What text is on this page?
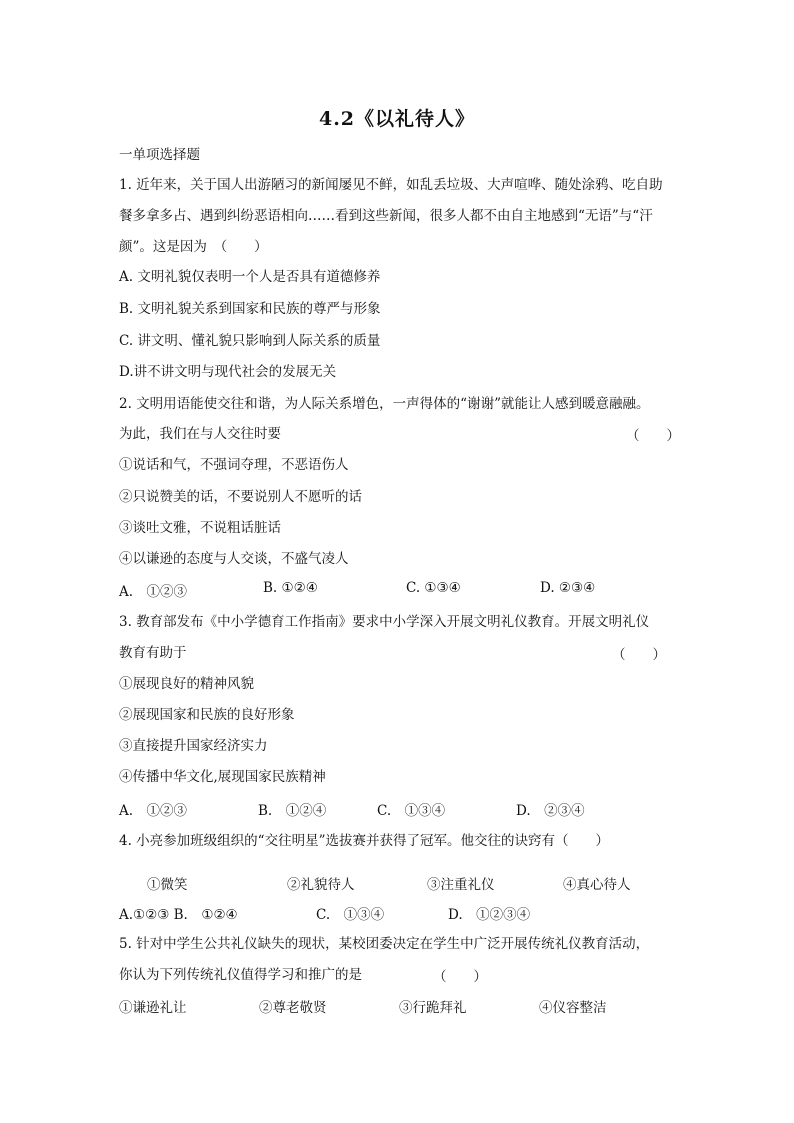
4.2《以礼待人》
一单项选择题
1. 近年来，关于国人出游陋习的新闻屡见不鲜，如乱丢垃圾、大声喧哗、随处涂鸦、吃自助餐多拿多占、遇到纠纷恶语相向……看到这些新闻，很多人都不由自主地感到“无语”与“汗颜”。这是因为　（　　）
A. 文明礼貌仅表明一个人是否具有道德修养
B. 文明礼貌关系到国家和民族的尊严与形象
C. 讲文明、懂礼貌只影响到人际关系的质量
D.讲不讲文明与现代社会的发展无关
2. 文明用语能使交往和谐，为人际关系增色，一声得体的“谢谢”就能让人感到暖意融融。
为此，我们在与人交往时要	（　　）
①说话和气，不强词夺理，不恶语伤人
②只说赞美的话，不要说别人不愿听的话
③谈吐文雅，不说粗话脏话
④以谦逊的态度与人交谈，不盛气凌人
A.　①②③	B. ①②④	C. ①③④	D. ②③④
3. 教育部发布《中小学德育工作指南》要求中小学深入开展文明礼仪教育。开展文明礼仪
教育有助于	（　　）
①展现良好的精神风貌
②展现国家和民族的良好形象
③直接提升国家经济实力
④传播中华文化,展现国家民族精神
A.　①②③	B.　①②④	C.　①③④	D.　②③④
4. 小亮参加班级组织的“交往明星”选拔赛并获得了冠军。他交往的诀窍有（　　）
①微笑	②礼貌待人	③注重礼仪	④真心待人
A.①②③ B.　①②④	C.　①③④	D.　①②③④
5. 针对中学生公共礼仪缺失的现状，某校团委决定在学生中广泛开展传统礼仪教育活动，
你认为下列传统礼仪值得学习和推广的是	（　　）
①谦逊礼让	②尊老敬贤	③行跪拜礼	④仪容整洁
